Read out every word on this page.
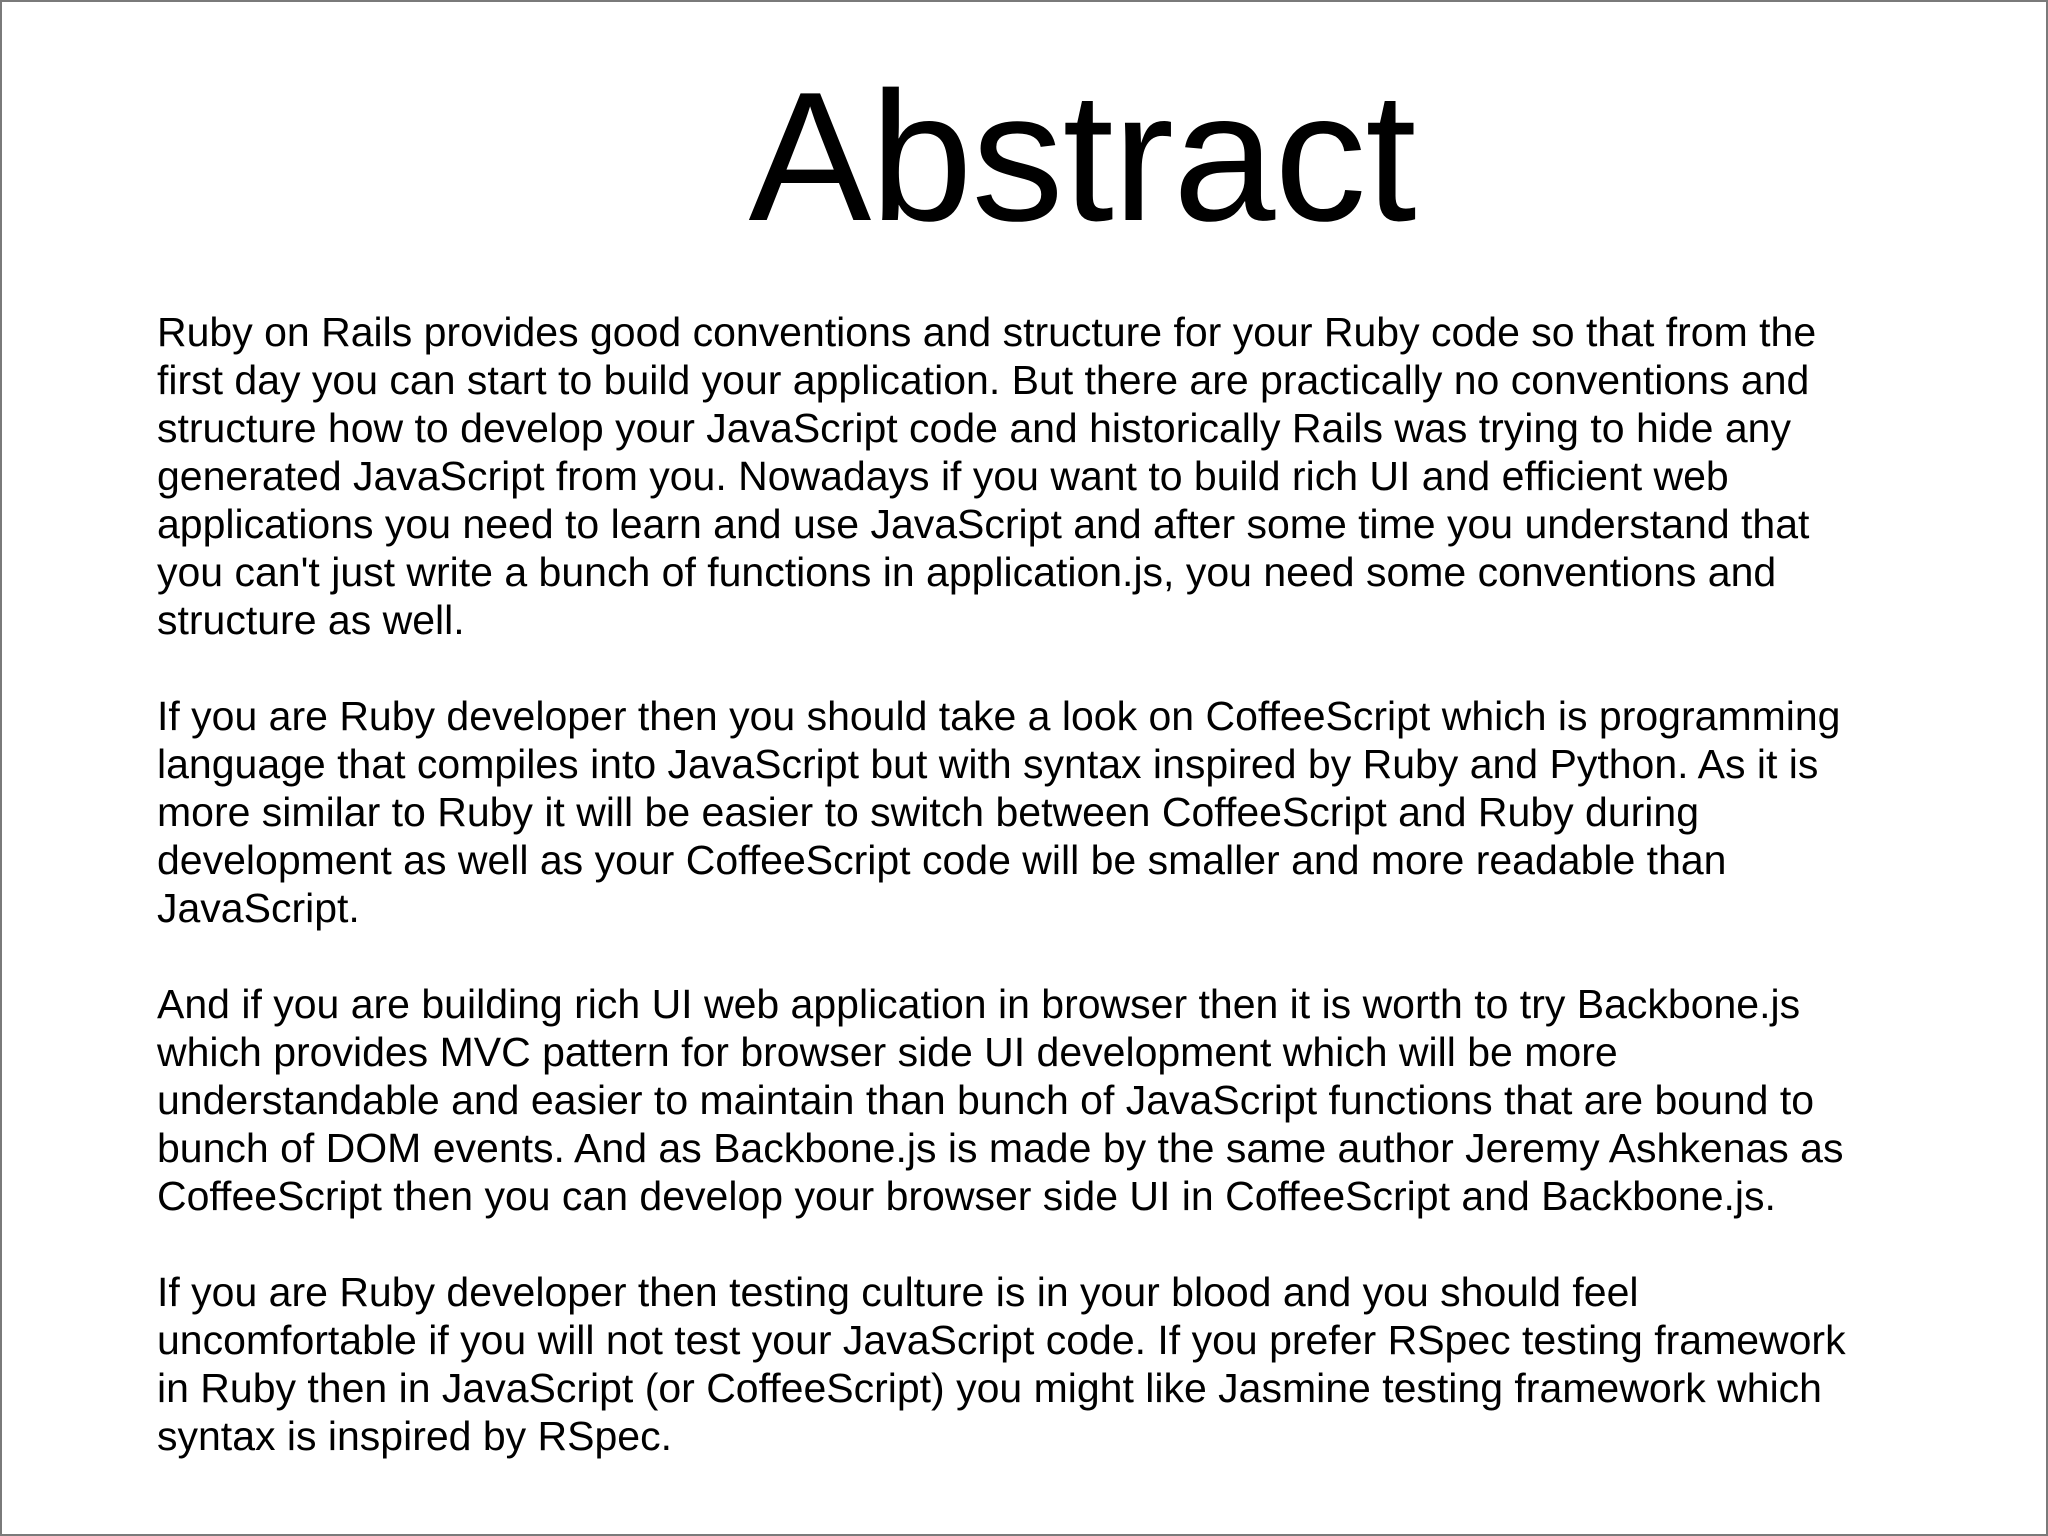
Abstract

Ruby on Rails provides good conventions and structure for your Ruby code so that from the
first day you can start to build your application. But there are practically no conventions and
structure how to develop your JavaScript code and historically Rails was trying to hide any
generated JavaScript from you. Nowadays if you want to build rich UI and efficient web
applications you need to learn and use JavaScript and after some time you understand that
you can't just write a bunch of functions in application.js, you need some conventions and
structure as well.

If you are Ruby developer then you should take a look on CoffeeScript which is programming
language that compiles into JavaScript but with syntax inspired by Ruby and Python. As it is
more similar to Ruby it will be easier to switch between CoffeeScript and Ruby during
development as well as your CoffeeScript code will be smaller and more readable than
JavaScript.

And if you are building rich UI web application in browser then it is worth to try Backbone.js
which provides MVC pattern for browser side UI development which will be more
understandable and easier to maintain than bunch of JavaScript functions that are bound to
bunch of DOM events. And as Backbone.js is made by the same author Jeremy Ashkenas as
CoffeeScript then you can develop your browser side UI in CoffeeScript and Backbone.js.

If you are Ruby developer then testing culture is in your blood and you should feel
uncomfortable if you will not test your JavaScript code. If you prefer RSpec testing framework
in Ruby then in JavaScript (or CoffeeScript) you might like Jasmine testing framework which
syntax is inspired by RSpec.
